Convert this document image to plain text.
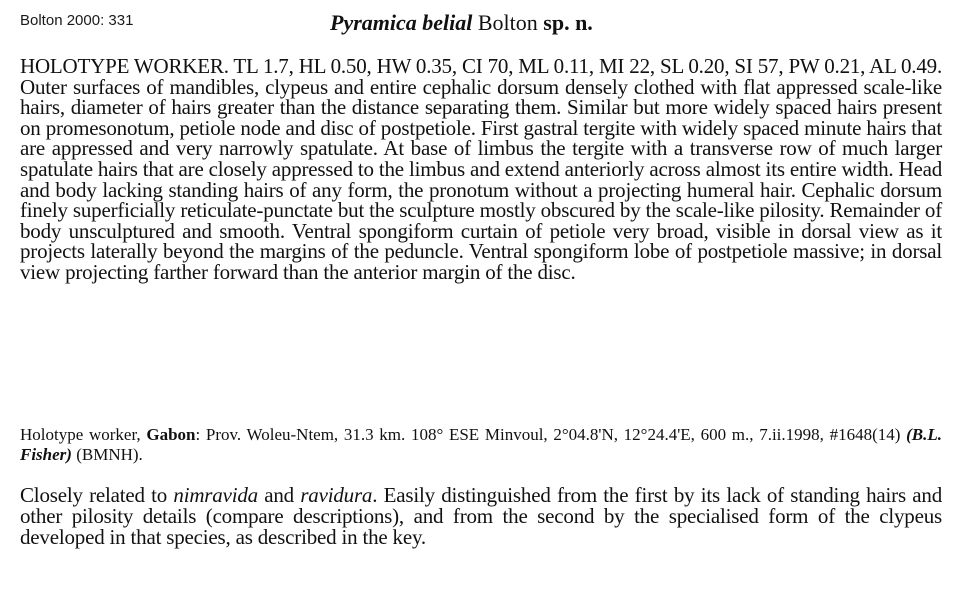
Bolton 2000: 331	Pyramica belial Bolton sp. n.
HOLOTYPE WORKER. TL 1.7, HL 0.50, HW 0.35, CI 70, ML 0.11, MI 22, SL 0.20, SI 57, PW 0.21, AL 0.49. Outer surfaces of mandibles, clypeus and entire cephalic dorsum densely clothed with flat appressed scale-like hairs, diameter of hairs greater than the distance separating them. Similar but more widely spaced hairs present on promesonotum, petiole node and disc of postpetiole. First gastral tergite with widely spaced minute hairs that are appressed and very narrowly spatulate. At base of limbus the tergite with a transverse row of much larger spatulate hairs that are closely appressed to the limbus and extend anteriorly across almost its entire width. Head and body lacking standing hairs of any form, the pronotum without a projecting humeral hair. Cephalic dorsum finely superficially reticulate-punctate but the sculpture mostly obscured by the scale-like pilosity. Remainder of body unsculptured and smooth. Ventral spongiform curtain of petiole very broad, visible in dorsal view as it projects laterally beyond the margins of the peduncle. Ventral spongiform lobe of postpetiole massive; in dorsal view projecting farther forward than the anterior margin of the disc.
Holotype worker, Gabon: Prov. Woleu-Ntem, 31.3 km. 108° ESE Minvoul, 2°04.8'N, 12°24.4'E, 600 m., 7.ii.1998, #1648(14) (B.L. Fisher) (BMNH).
Closely related to nimravida and ravidura. Easily distinguished from the first by its lack of standing hairs and other pilosity details (compare descriptions), and from the second by the specialised form of the clypeus developed in that species, as described in the key.
